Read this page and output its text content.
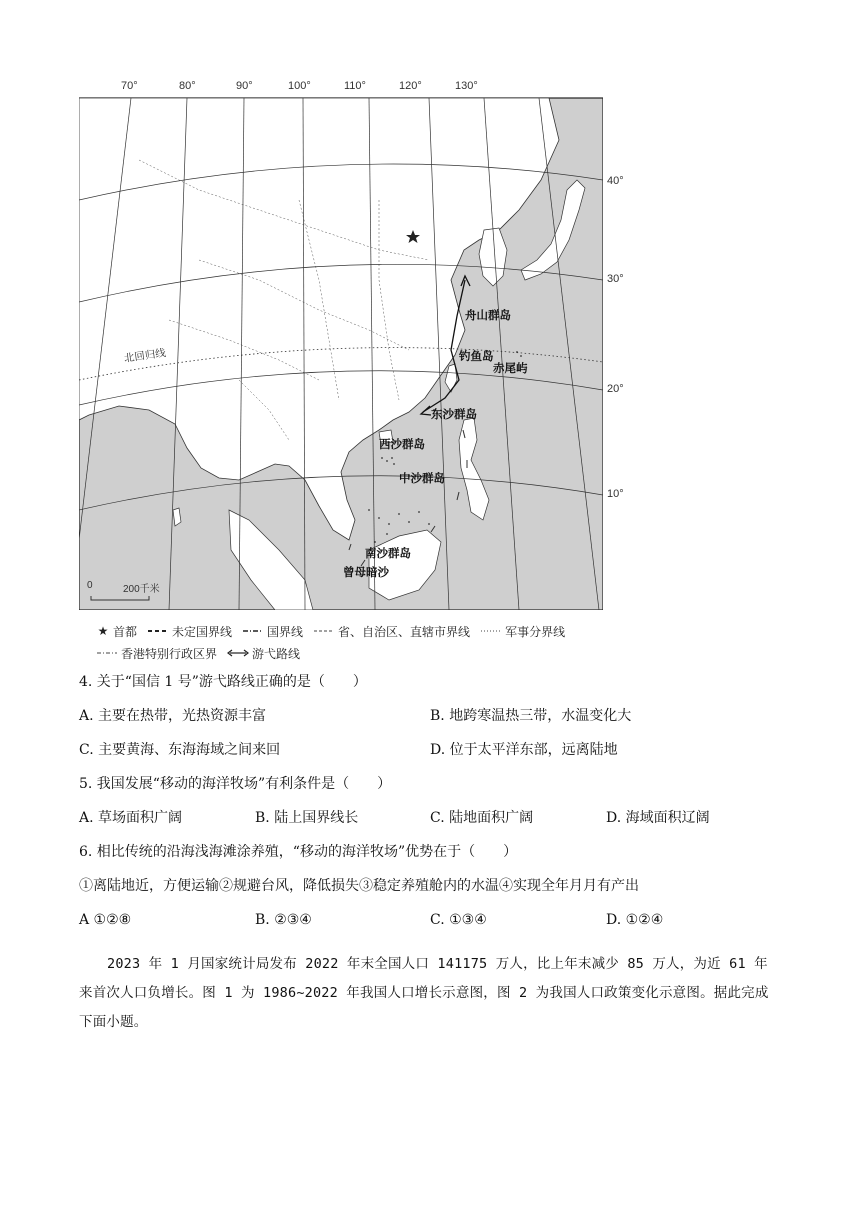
70°	80°	90°	100°	110°	120°	130°
40°
30°
20°
10°
舟山群岛
钓鱼岛
赤尾屿
东沙群岛
西沙群岛
中沙群岛
南沙群岛
曾母暗沙
北回归线
0	200千米
★ 首都	未定国界线	国界线	省、自治区、直辖市界线	军事分界线
香港特别行政区界	游弋路线
4. 关于“国信 1 号”游弋路线正确的是（　　）
A. 主要在热带，光热资源丰富	B. 地跨寒温热三带，水温变化大
C. 主要黄海、东海海域之间来回	D. 位于太平洋东部，远离陆地
5. 我国发展“移动的海洋牧场”有利条件是（　　）
A. 草场面积广阔	B. 陆上国界线长	C. 陆地面积广阔	D. 海域面积辽阔
6. 相比传统的沿海浅海滩涂养殖，“移动的海洋牧场”优势在于（　　）
①离陆地近，方便运输②规避台风，降低损失③稳定养殖舱内的水温④实现全年月月有产出
A ①②⑧	B. ②③④	C. ①③④	D. ①②④
2023 年 1 月国家统计局发布 2022 年末全国人口 141175 万人，比上年末减少 85 万人，为近 61 年来首次人口负增长。图 1 为 1986~2022 年我国人口增长示意图，图 2 为我国人口政策变化示意图。据此完成下面小题。
